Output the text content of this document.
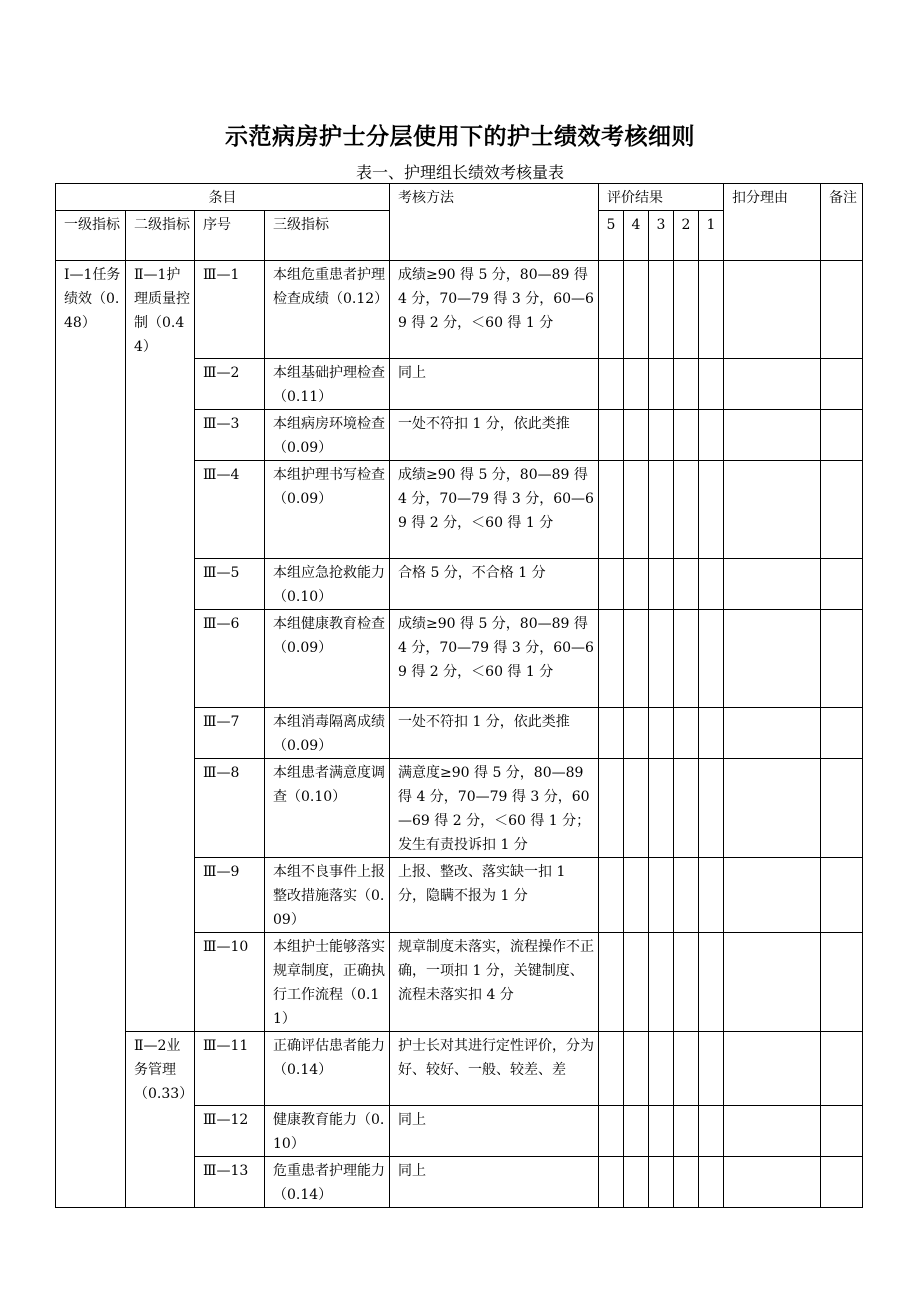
示范病房护士分层使用下的护士绩效考核细则
表一、护理组长绩效考核量表
条目				考核方法	评价结果					扣分理由	备注
一级指标	二级指标	序号	三级指标		5	4	3	2	1		
Ⅰ—1任务绩效（0.48）	Ⅱ—1护理质量控制（0.44）	Ⅲ—1	本组危重患者护理检查成绩（0.12）	成绩≥90 得 5 分，80—89 得 4 分，70—79 得 3 分，60—69 得 2 分，＜60 得 1 分							
		Ⅲ—2	本组基础护理检查（0.11）	同上							
		Ⅲ—3	本组病房环境检查（0.09）	一处不符扣 1 分，依此类推							
		Ⅲ—4	本组护理书写检查（0.09）	成绩≥90 得 5 分，80—89 得 4 分，70—79 得 3 分，60—69 得 2 分，＜60 得 1 分							
		Ⅲ—5	本组应急抢救能力（0.10）	合格 5 分，不合格 1 分							
		Ⅲ—6	本组健康教育检查（0.09）	成绩≥90 得 5 分，80—89 得 4 分，70—79 得 3 分，60—69 得 2 分，＜60 得 1 分							
		Ⅲ—7	本组消毒隔离成绩（0.09）	一处不符扣 1 分，依此类推							
		Ⅲ—8	本组患者满意度调查（0.10）	满意度≥90 得 5 分，80—89 得 4 分，70—79 得 3 分，60—69 得 2 分，＜60 得 1 分；发生有责投诉扣 1 分							
		Ⅲ—9	本组不良事件上报整改措施落实（0.09）	上报、整改、落实缺一扣 1 分，隐瞒不报为 1 分							
		Ⅲ—10	本组护士能够落实规章制度，正确执行工作流程（0.11）	规章制度未落实，流程操作不正确，一项扣 1 分，关键制度、流程未落实扣 4 分							
	Ⅱ—2业务管理（0.33）	Ⅲ—11	正确评估患者能力（0.14）	护士长对其进行定性评价，分为好、较好、一般、较差、差							
		Ⅲ—12	健康教育能力（0.10）	同上							
		Ⅲ—13	危重患者护理能力（0.14）	同上							
